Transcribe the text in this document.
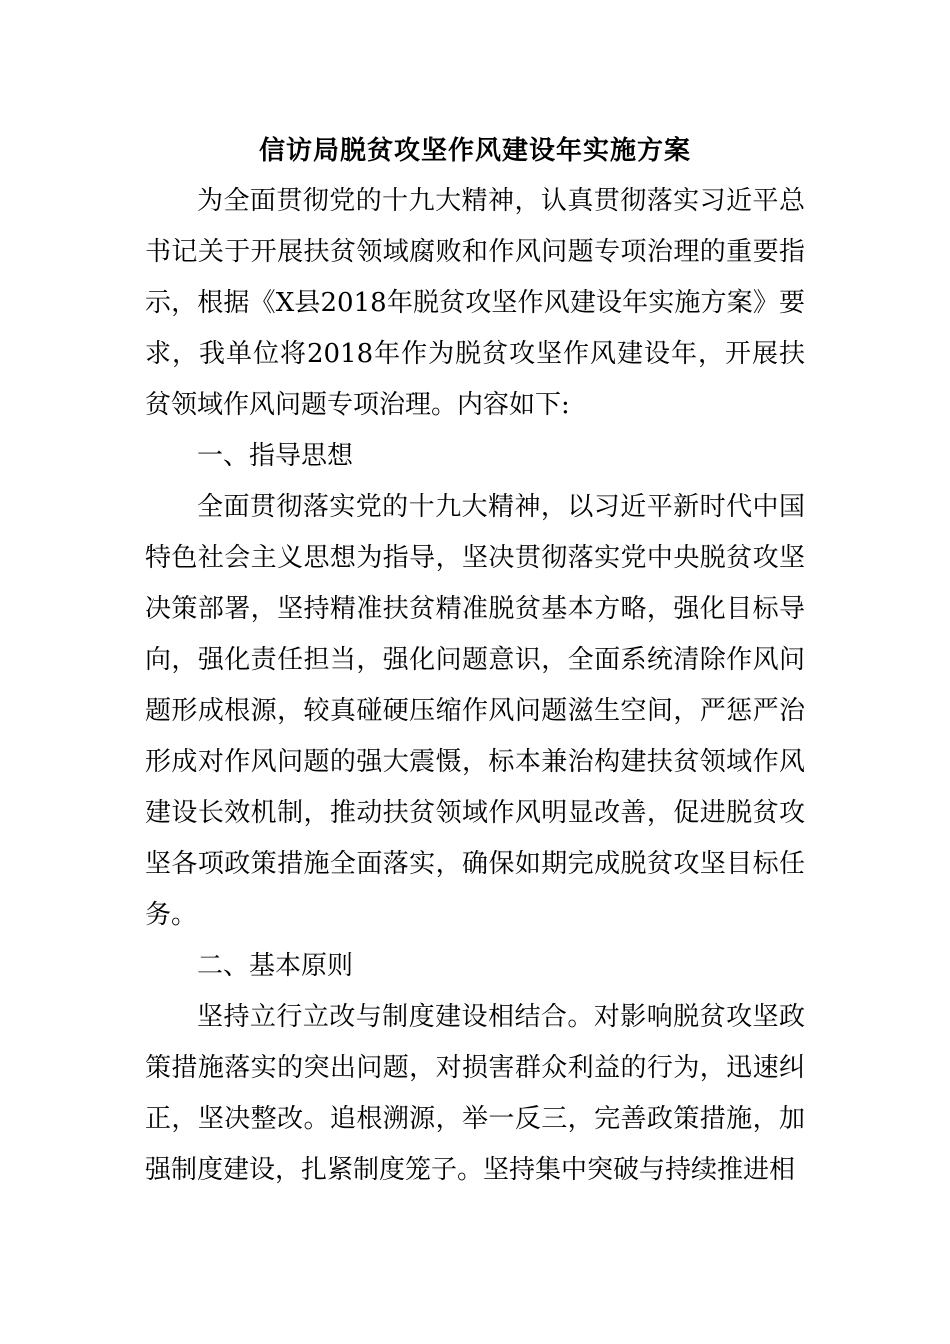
信访局脱贫攻坚作风建设年实施方案

为全面贯彻党的十九大精神，认真贯彻落实习近平总书记关于开展扶贫领域腐败和作风问题专项治理的重要指示，根据《X县2018年脱贫攻坚作风建设年实施方案》要求，我单位将2018年作为脱贫攻坚作风建设年，开展扶贫领域作风问题专项治理。内容如下:

一、指导思想

全面贯彻落实党的十九大精神，以习近平新时代中国特色社会主义思想为指导，坚决贯彻落实党中央脱贫攻坚决策部署，坚持精准扶贫精准脱贫基本方略，强化目标导向，强化责任担当，强化问题意识，全面系统清除作风问题形成根源，较真碰硬压缩作风问题滋生空间，严惩严治形成对作风问题的强大震慑，标本兼治构建扶贫领域作风建设长效机制，推动扶贫领域作风明显改善，促进脱贫攻坚各项政策措施全面落实，确保如期完成脱贫攻坚目标任务。

二、基本原则

坚持立行立改与制度建设相结合。对影响脱贫攻坚政策措施落实的突出问题，对损害群众利益的行为，迅速纠正，坚决整改。追根溯源，举一反三，完善政策措施，加强制度建设，扎紧制度笼子。坚持集中突破与持续推进相
